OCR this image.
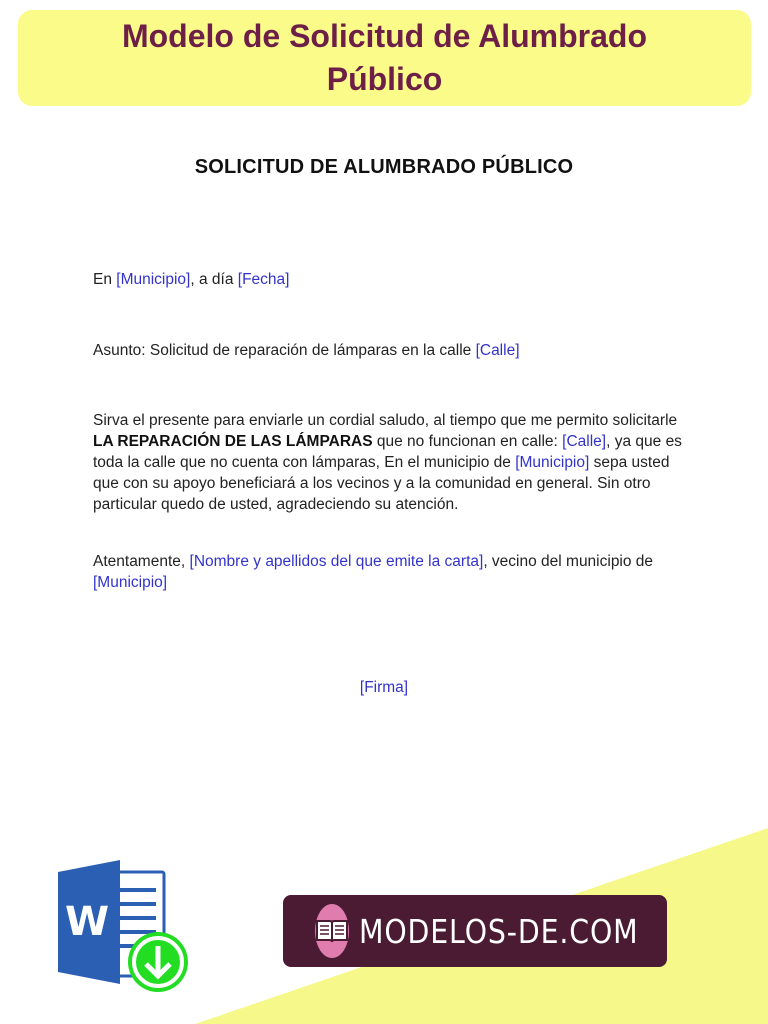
Modelo de Solicitud de Alumbrado Público
SOLICITUD DE ALUMBRADO PÚBLICO
En [Municipio], a día [Fecha]
Asunto: Solicitud de reparación de lámparas en la calle [Calle]
Sirva el presente para enviarle un cordial saludo, al tiempo que me permito solicitarle LA REPARACIÓN DE LAS LÁMPARAS que no funcionan en calle: [Calle], ya que es toda la calle que no cuenta con lámparas, En el municipio de [Municipio] sepa usted que con su apoyo beneficiará a los vecinos y a la comunidad en general. Sin otro particular quedo de usted, agradeciendo su atención.
Atentamente, [Nombre y apellidos del que emite la carta], vecino del municipio de [Municipio]
[Firma]
W	MODELOS-DE.COM
